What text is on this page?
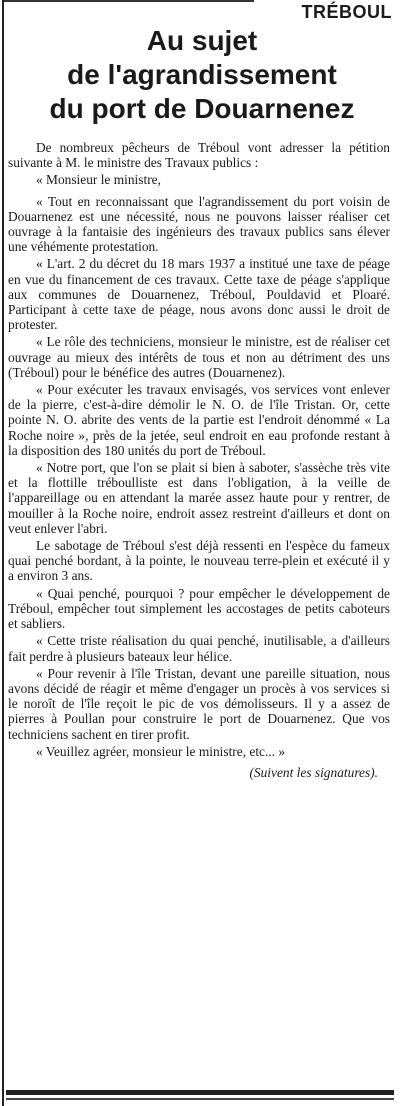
TRÉBOUL
Au sujet
de l'agrandissement
du port de Douarnenez

De nombreux pêcheurs de Tréboul vont adresser la pétition suivante à M. le ministre des Travaux publics :

« Monsieur le ministre,

« Tout en reconnaissant que l'agrandissement du port voisin de Douarnenez est une nécessité, nous ne pouvons laisser réaliser cet ouvrage à la fantaisie des ingénieurs des travaux publics sans élever une véhémente protestation.

« L'art. 2 du décret du 18 mars 1937 a institué une taxe de péage en vue du financement de ces travaux. Cette taxe de péage s'applique aux communes de Douarnenez, Tréboul, Pouldavid et Ploaré. Participant à cette taxe de péage, nous avons donc aussi le droit de protester.

« Le rôle des techniciens, monsieur le ministre, est de réaliser cet ouvrage au mieux des intérêts de tous et non au détriment des uns (Tréboul) pour le bénéfice des autres (Douarnenez).

« Pour exécuter les travaux envisagés, vos services vont enlever de la pierre, c'est-à-dire démolir le N. O. de l'île Tristan. Or, cette pointe N. O. abrite des vents de la partie est l'endroit dénommé « La Roche noire », près de la jetée, seul endroit en eau profonde restant à la disposition des 180 unités du port de Tréboul.

« Notre port, que l'on se plait si bien à saboter, s'assèche très vite et la flottille tréboulliste est dans l'obligation, à la veille de l'appareillage ou en attendant la marée assez haute pour y rentrer, de mouiller à la Roche noire, endroit assez restreint d'ailleurs et dont on veut enlever l'abri.

Le sabotage de Tréboul s'est déjà ressenti en l'espèce du fameux quai penché bordant, à la pointe, le nouveau terre-plein et exécuté il y a environ 3 ans.

« Quai penché, pourquoi ? pour empêcher le développement de Tréboul, empêcher tout simplement les accostages de petits caboteurs et sabliers.

« Cette triste réalisation du quai penché, inutilisable, a d'ailleurs fait perdre à plusieurs bateaux leur hélice.

« Pour revenir à l'île Tristan, devant une pareille situation, nous avons décidé de réagir et même d'engager un procès à vos services si le noroît de l'île reçoit le pic de vos démolisseurs. Il y a assez de pierres à Poullan pour construire le port de Douarnenez. Que vos techniciens sachent en tirer profit.

« Veuillez agréer, monsieur le ministre, etc... »

(Suivent les signatures).
